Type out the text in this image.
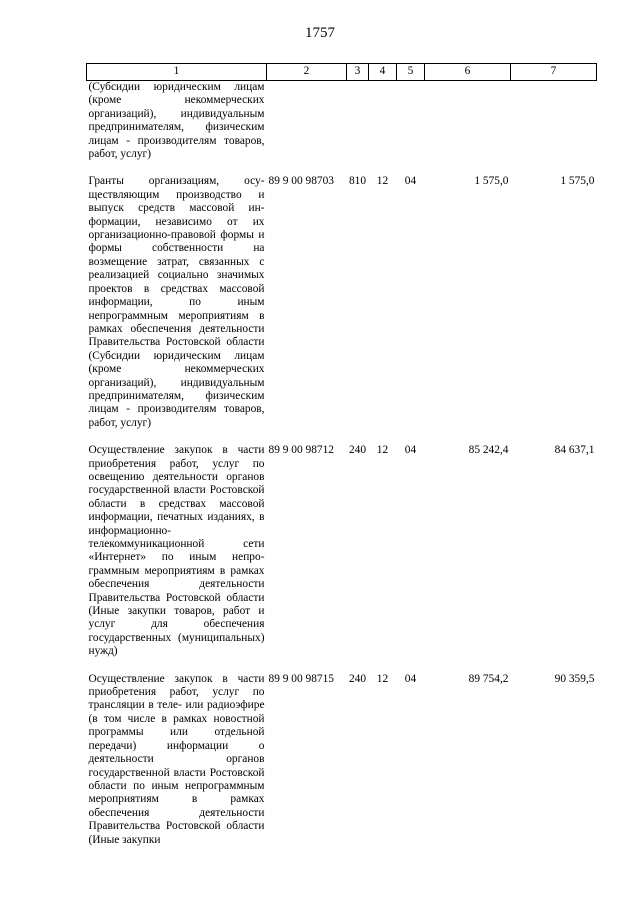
1757
1	2	3	4	5	6	7
(Субсидии юридическим лицам (кроме некоммерческих организаций), индивидуальным предпринимателям, физическим лицам - производителям товаров, работ, услуг)						
Гранты организациям, осуществляющим производство и выпуск средств массовой информации, независимо от их организационно-правовой формы и формы собственности на возмещение затрат, связанных с реализацией социально значимых проектов в средствах массовой информации, по иным непрограммным мероприятиям в рамках обеспечения деятельности Правительства Ростовской области (Субсидии юридическим лицам (кроме некоммерческих организаций), индивидуальным предпринимателям, физическим лицам - производителям товаров, работ, услуг)	89 9 00 98703	810	12	04	1 575,0	1 575,0
Осуществление закупок в части приобретения работ, услуг по освещению деятельности органов государственной власти Ростовской области в средствах массовой информации, печатных изданиях, в информационно-телекоммуникационной сети «Интернет» по иным непрограммным мероприятиям в рамках обеспечения деятельности Правительства Ростовской области (Иные закупки товаров, работ и услуг для обеспечения государственных (муниципальных) нужд)	89 9 00 98712	240	12	04	85 242,4	84 637,1
Осуществление закупок в части приобретения работ, услуг по трансляции в теле- или радиоэфире (в том числе в рамках новостной программы или отдельной передачи) информации о деятельности органов государственной власти Ростовской области по иным непрограммным мероприятиям в рамках обеспечения деятельности Правительства Ростовской области (Иные закупки	89 9 00 98715	240	12	04	89 754,2	90 359,5
